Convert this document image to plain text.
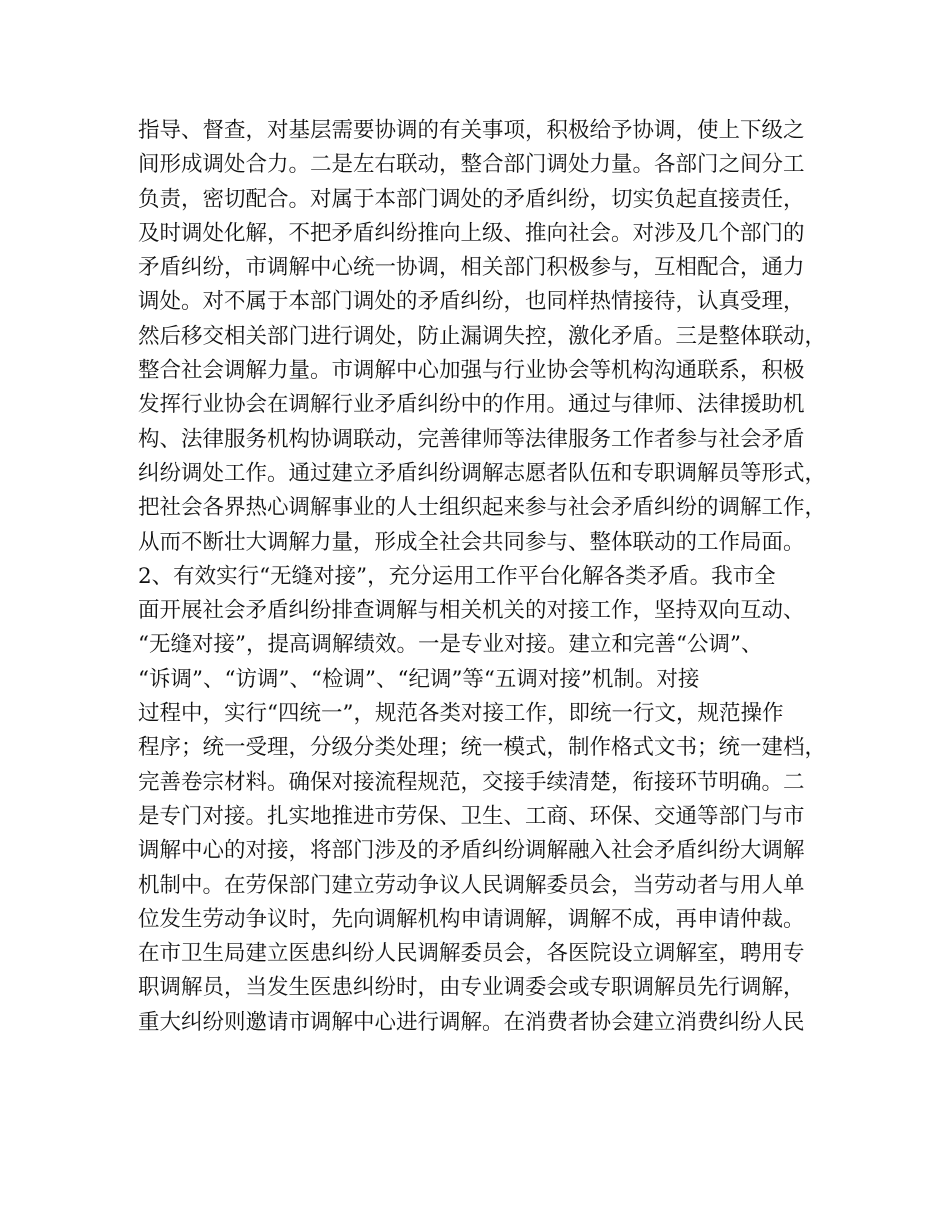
指导、督查，对基层需要协调的有关事项，积极给予协调，使上下级之
间形成调处合力。二是左右联动，整合部门调处力量。各部门之间分工
负责，密切配合。对属于本部门调处的矛盾纠纷，切实负起直接责任，
及时调处化解，不把矛盾纠纷推向上级、推向社会。对涉及几个部门的
矛盾纠纷，市调解中心统一协调，相关部门积极参与，互相配合，通力
调处。对不属于本部门调处的矛盾纠纷，也同样热情接待，认真受理，
然后移交相关部门进行调处，防止漏调失控，激化矛盾。三是整体联动，
整合社会调解力量。市调解中心加强与行业协会等机构沟通联系，积极
发挥行业协会在调解行业矛盾纠纷中的作用。通过与律师、法律援助机
构、法律服务机构协调联动，完善律师等法律服务工作者参与社会矛盾
纠纷调处工作。通过建立矛盾纠纷调解志愿者队伍和专职调解员等形式，
把社会各界热心调解事业的人士组织起来参与社会矛盾纠纷的调解工作，
从而不断壮大调解力量，形成全社会共同参与、整体联动的工作局面。
2、有效实行“无缝对接”，充分运用工作平台化解各类矛盾。我市全
面开展社会矛盾纠纷排查调解与相关机关的对接工作，坚持双向互动、
“无缝对接”，提高调解绩效。一是专业对接。建立和完善“公调”、
“诉调”、“访调”、“检调”、“纪调”等“五调对接”机制。对接
过程中，实行“四统一”，规范各类对接工作，即统一行文，规范操作
程序；统一受理，分级分类处理；统一模式，制作格式文书；统一建档，
完善卷宗材料。确保对接流程规范，交接手续清楚，衔接环节明确。二
是专门对接。扎实地推进市劳保、卫生、工商、环保、交通等部门与市
调解中心的对接，将部门涉及的矛盾纠纷调解融入社会矛盾纠纷大调解
机制中。在劳保部门建立劳动争议人民调解委员会，当劳动者与用人单
位发生劳动争议时，先向调解机构申请调解，调解不成，再申请仲裁。
在市卫生局建立医患纠纷人民调解委员会，各医院设立调解室，聘用专
职调解员，当发生医患纠纷时，由专业调委会或专职调解员先行调解，
重大纠纷则邀请市调解中心进行调解。在消费者协会建立消费纠纷人民
